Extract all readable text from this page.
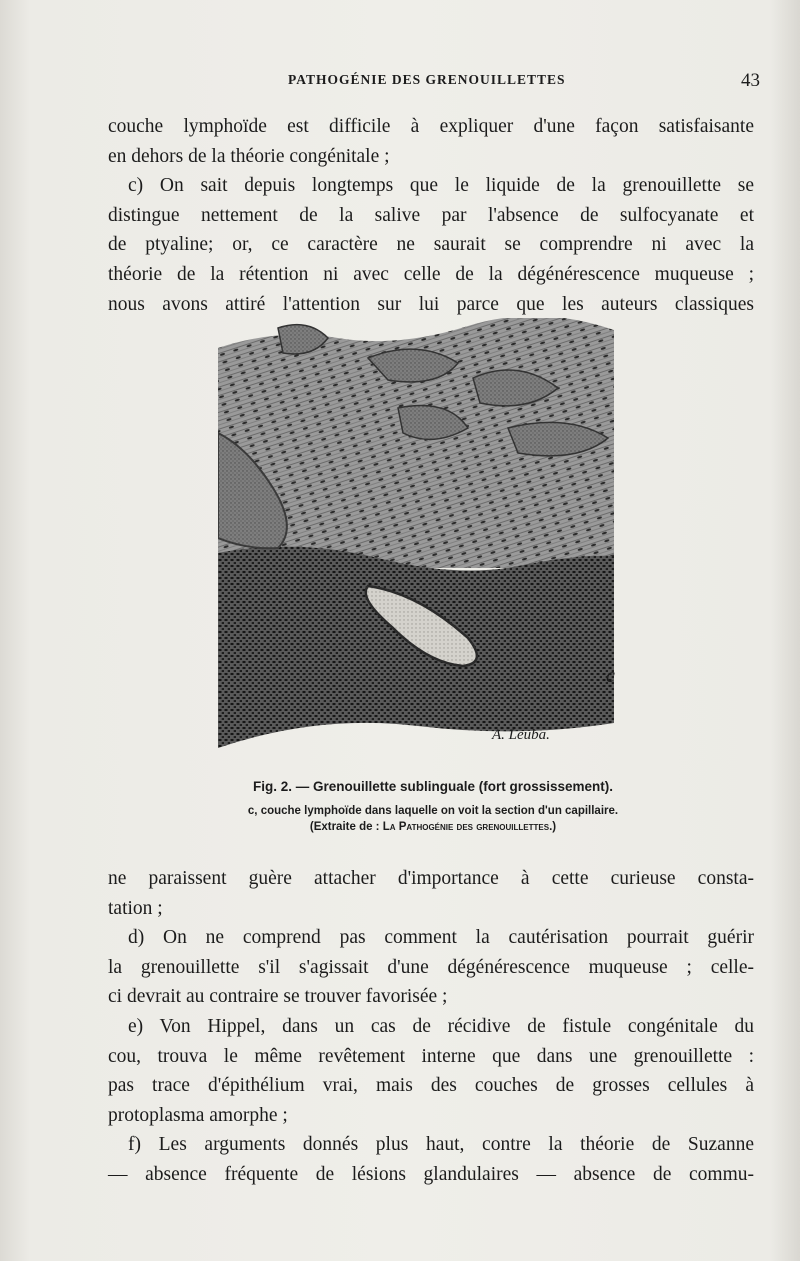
PATHOGÉNIE DES GRENOUILLETTES	43
couche lymphoïde est difficile à expliquer d'une façon satisfaisante
en dehors de la théorie congénitale ;
c) On sait depuis longtemps que le liquide de la grenouillette se
distingue nettement de la salive par l'absence de sulfocyanate et
de ptyaline; or, ce caractère ne saurait se comprendre ni avec la
théorie de la rétention ni avec celle de la dégénérescence muqueuse ;
nous avons attiré l'attention sur lui parce que les auteurs classiques
c
A. Leuba.
Fig. 2. — Grenouillette sublinguale (fort grossissement).
c, couche lymphoïde dans laquelle on voit la section d'un capillaire.
(Extraite de : La Pathogénie des grenouillettes.)
ne paraissent guère attacher d'importance à cette curieuse consta-
tation ;
d) On ne comprend pas comment la cautérisation pourrait guérir
la grenouillette s'il s'agissait d'une dégénérescence muqueuse ; celle-
ci devrait au contraire se trouver favorisée ;
e) Von Hippel, dans un cas de récidive de fistule congénitale du
cou, trouva le même revêtement interne que dans une grenouillette :
pas trace d'épithélium vrai, mais des couches de grosses cellules à
protoplasma amorphe ;
f) Les arguments donnés plus haut, contre la théorie de Suzanne
— absence fréquente de lésions glandulaires — absence de commu-
